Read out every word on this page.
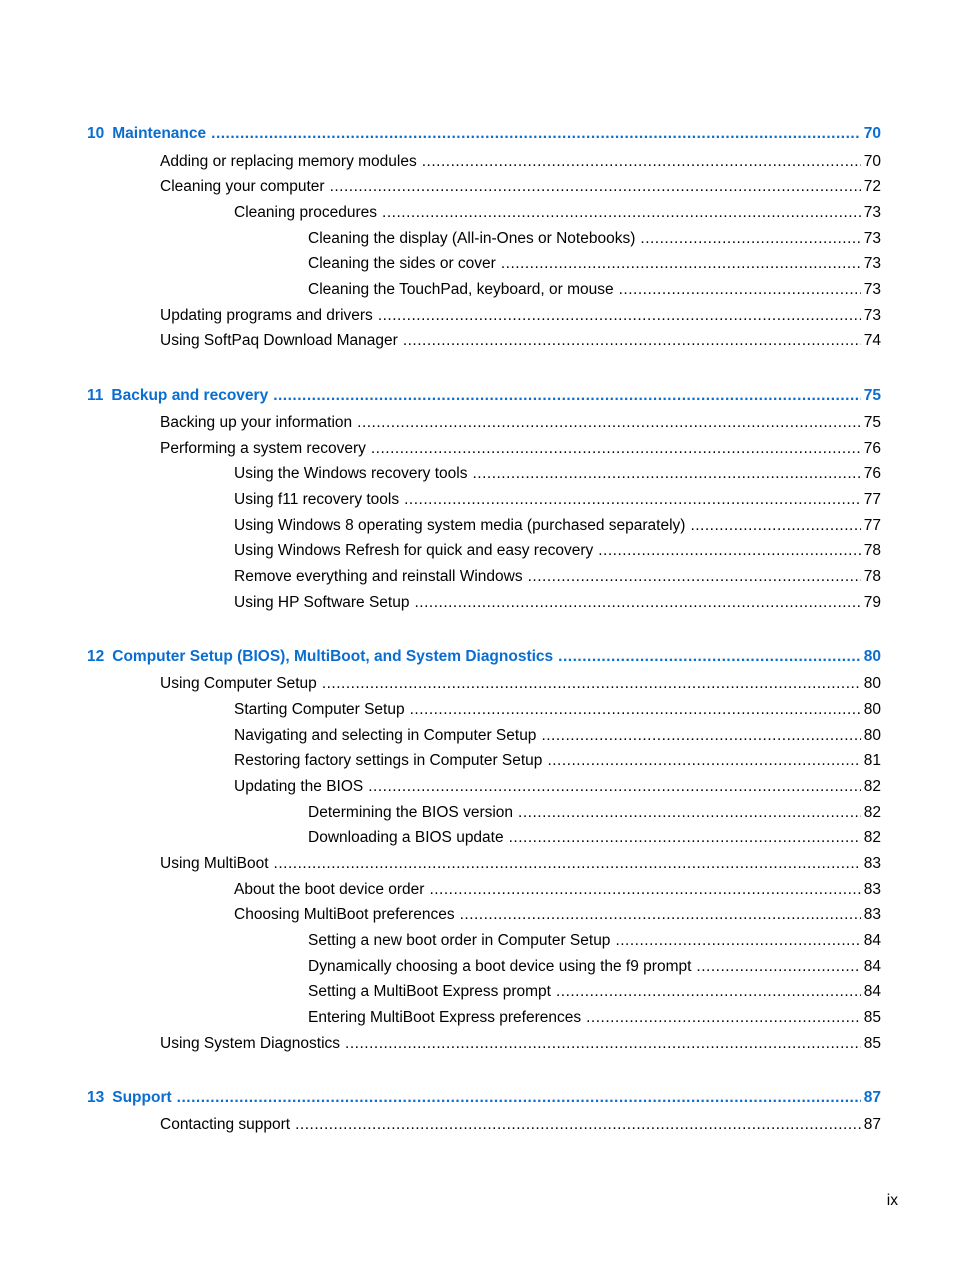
10 Maintenance .....	70
Adding or replacing memory modules .....	70
Cleaning your computer .....	72
Cleaning procedures .....	73
Cleaning the display (All-in-Ones or Notebooks) .....	73
Cleaning the sides or cover .....	73
Cleaning the TouchPad, keyboard, or mouse .....	73
Updating programs and drivers .....	73
Using SoftPaq Download Manager .....	74
11 Backup and recovery .....	75
Backing up your information .....	75
Performing a system recovery .....	76
Using the Windows recovery tools .....	76
Using f11 recovery tools .....	77
Using Windows 8 operating system media (purchased separately) .....	77
Using Windows Refresh for quick and easy recovery .....	78
Remove everything and reinstall Windows .....	78
Using HP Software Setup .....	79
12 Computer Setup (BIOS), MultiBoot, and System Diagnostics .....	80
Using Computer Setup .....	80
Starting Computer Setup .....	80
Navigating and selecting in Computer Setup .....	80
Restoring factory settings in Computer Setup .....	81
Updating the BIOS .....	82
Determining the BIOS version .....	82
Downloading a BIOS update .....	82
Using MultiBoot .....	83
About the boot device order .....	83
Choosing MultiBoot preferences .....	83
Setting a new boot order in Computer Setup .....	84
Dynamically choosing a boot device using the f9 prompt .....	84
Setting a MultiBoot Express prompt .....	84
Entering MultiBoot Express preferences .....	85
Using System Diagnostics .....	85
13 Support .....	87
Contacting support .....	87
ix
